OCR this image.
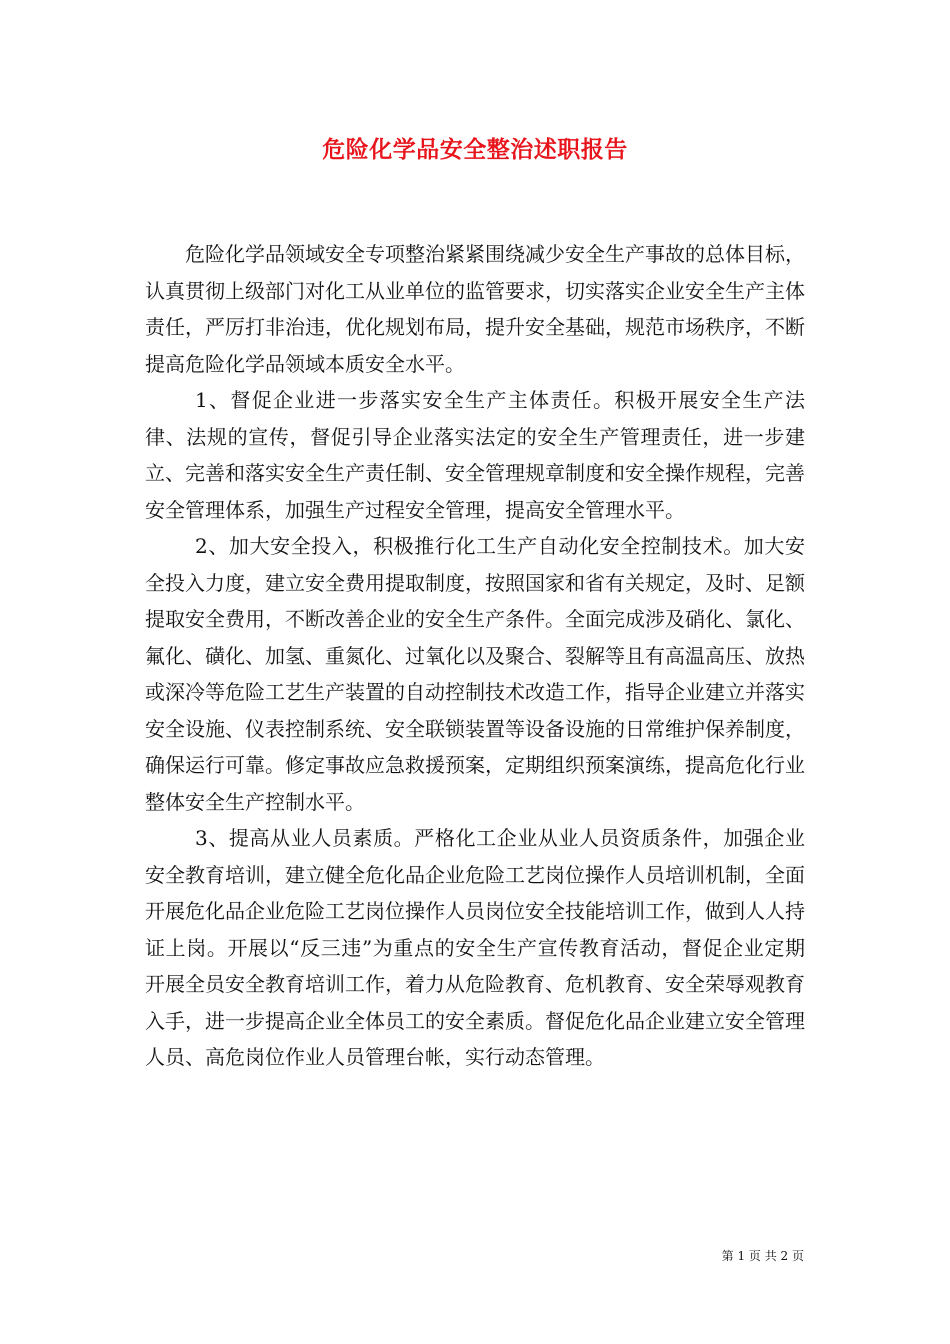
危险化学品安全整治述职报告

危险化学品领域安全专项整治紧紧围绕减少安全生产事故的总体目标，认真贯彻上级部门对化工从业单位的监管要求，切实落实企业安全生产主体责任，严厉打非治违，优化规划布局，提升安全基础，规范市场秩序，不断提高危险化学品领域本质安全水平。

1、督促企业进一步落实安全生产主体责任。积极开展安全生产法律、法规的宣传，督促引导企业落实法定的安全生产管理责任，进一步建立、完善和落实安全生产责任制、安全管理规章制度和安全操作规程，完善安全管理体系，加强生产过程安全管理，提高安全管理水平。

2、加大安全投入，积极推行化工生产自动化安全控制技术。加大安全投入力度，建立安全费用提取制度，按照国家和省有关规定，及时、足额提取安全费用，不断改善企业的安全生产条件。全面完成涉及硝化、氯化、氟化、磺化、加氢、重氮化、过氧化以及聚合、裂解等且有高温高压、放热或深冷等危险工艺生产装置的自动控制技术改造工作，指导企业建立并落实安全设施、仪表控制系统、安全联锁装置等设备设施的日常维护保养制度，确保运行可靠。修定事故应急救援预案，定期组织预案演练，提高危化行业整体安全生产控制水平。

3、提高从业人员素质。严格化工企业从业人员资质条件，加强企业安全教育培训，建立健全危化品企业危险工艺岗位操作人员培训机制，全面开展危化品企业危险工艺岗位操作人员岗位安全技能培训工作，做到人人持证上岗。开展以“反三违”为重点的安全生产宣传教育活动，督促企业定期开展全员安全教育培训工作，着力从危险教育、危机教育、安全荣辱观教育入手，进一步提高企业全体员工的安全素质。督促危化品企业建立安全管理人员、高危岗位作业人员管理台帐，实行动态管理。

第 1 页 共 2 页
